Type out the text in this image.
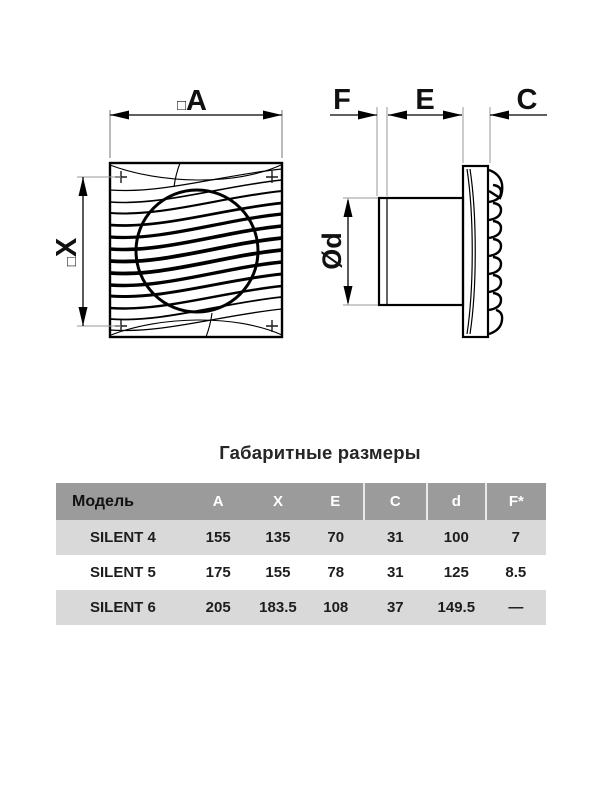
□A
□X
F E	C
Ød
Габаритные размеры
Модель	A	X	E	C	d	F*
SILENT 4	155	135	70	31	100	7
SILENT 5	175	155	78	31	125	8.5
SILENT 6	205	183.5	108	37	149.5	—
